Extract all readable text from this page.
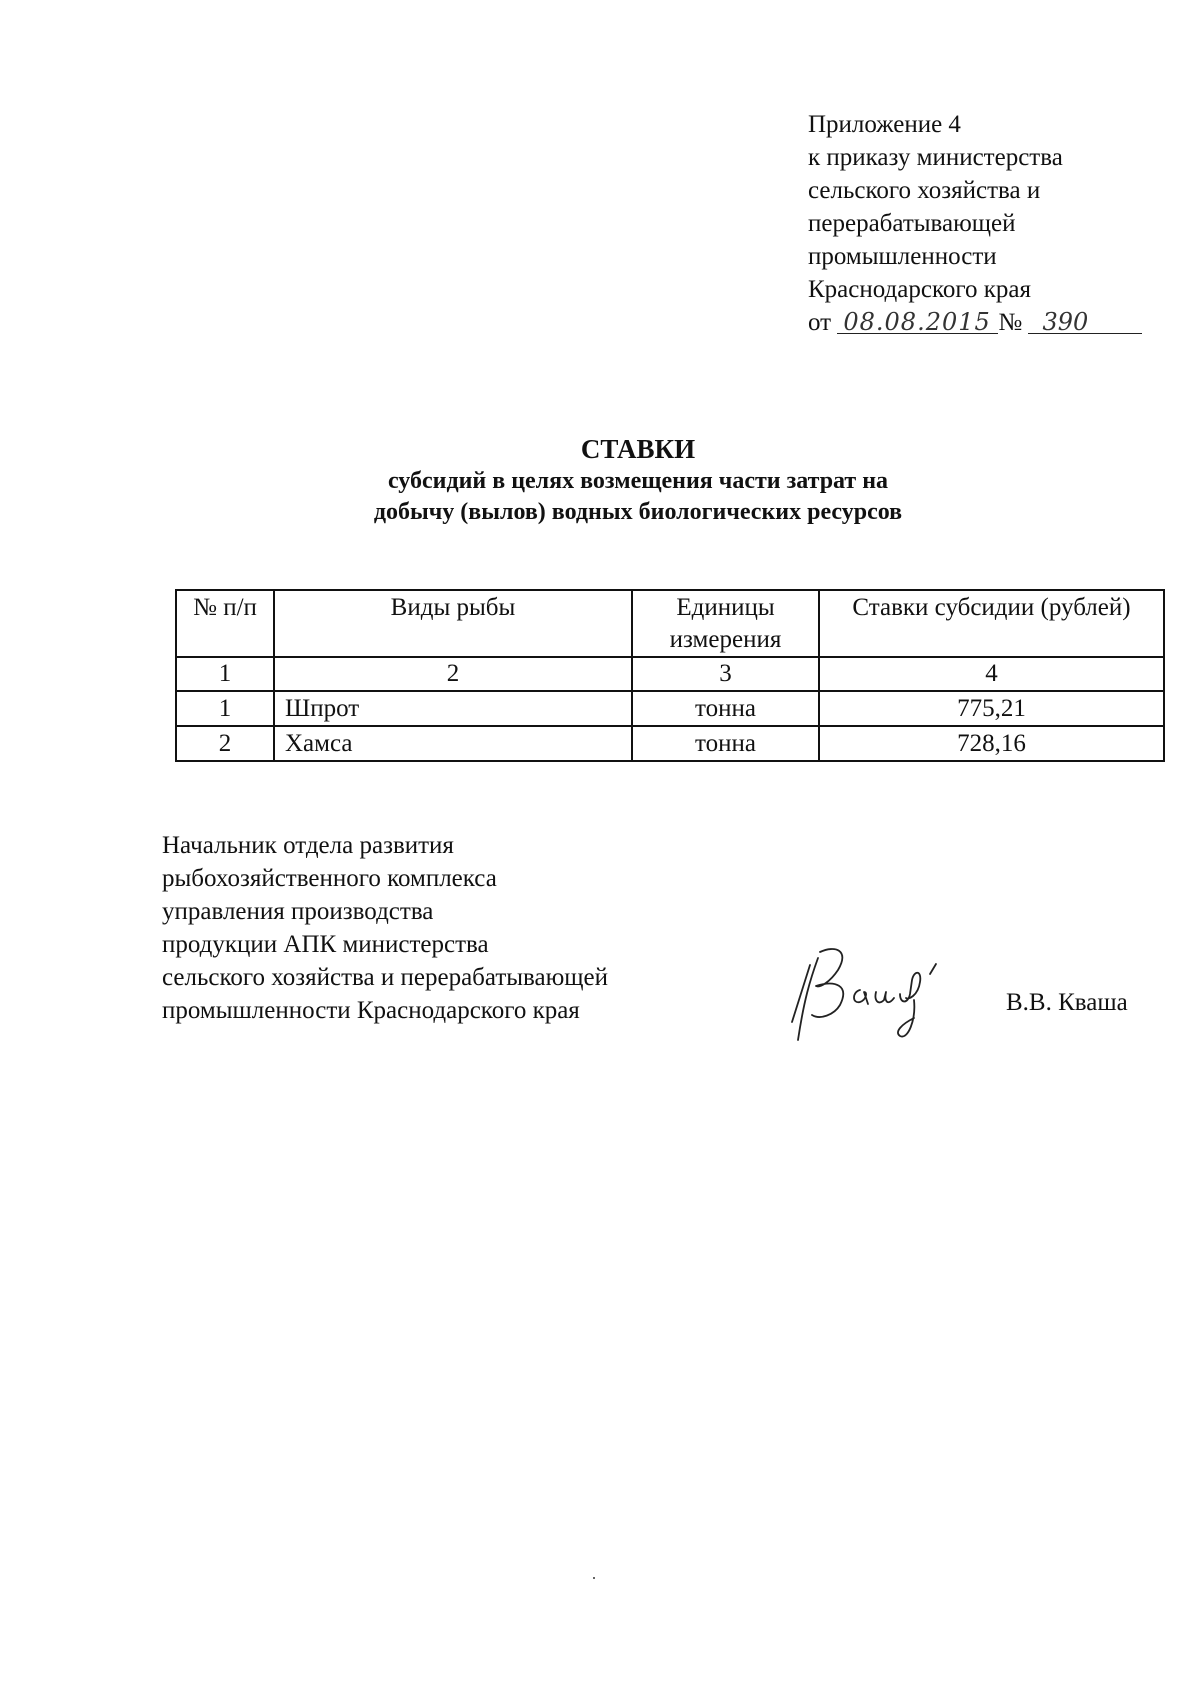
Приложение 4
к приказу министерства
сельского хозяйства и
перерабатывающей
промышленности
Краснодарского края
от 08.08.2015 № 390
СТАВКИ
субсидий в целях возмещения части затрат на
добычу (вылов) водных биологических ресурсов
№ п/п	Виды рыбы	Единицы измерения	Ставки субсидии (рублей)
1	2	3	4
1	Шпрот	тонна	775,21
2	Хамса	тонна	728,16
Начальник отдела развития
рыбохозяйственного комплекса
управления производства
продукции АПК министерства
сельского хозяйства и перерабатывающей
промышленности Краснодарского края	В.В. Кваша
